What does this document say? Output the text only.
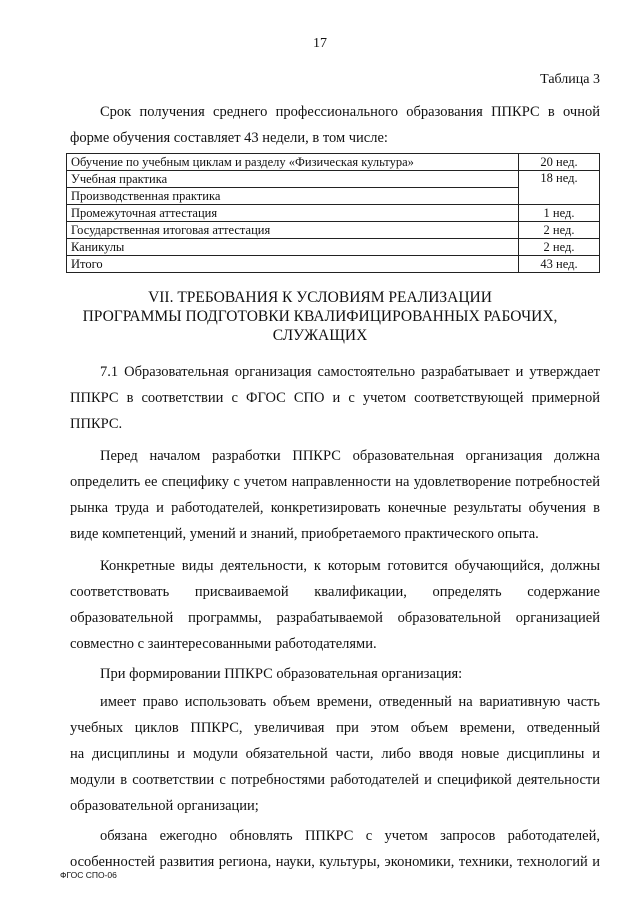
17
Таблица 3
Срок получения среднего профессионального образования ППКРС в очной
форме обучения составляет 43 недели, в том числе:
Обучение по учебным циклам и разделу «Физическая культура»	20 нед.
Учебная практика	18 нед.
Производственная практика	
Промежуточная аттестация	1 нед.
Государственная итоговая аттестация	2 нед.
Каникулы	2 нед.
Итого	43 нед.
VII. ТРЕБОВАНИЯ К УСЛОВИЯМ РЕАЛИЗАЦИИ
ПРОГРАММЫ ПОДГОТОВКИ КВАЛИФИЦИРОВАННЫХ РАБОЧИХ,
СЛУЖАЩИХ
7.1 Образовательная организация самостоятельно разрабатывает и утверждает
ППКРС в соответствии с ФГОС СПО и с учетом соответствующей примерной
ППКРС.
Перед началом разработки ППКРС образовательная организация должна
определить ее специфику с учетом направленности на удовлетворение потребностей
рынка труда и работодателей, конкретизировать конечные результаты обучения в
виде компетенций, умений и знаний, приобретаемого практического опыта.
Конкретные виды деятельности, к которым готовится обучающийся, должны
соответствовать присваиваемой квалификации, определять содержание
образовательной программы, разрабатываемой образовательной организацией
совместно с заинтересованными работодателями.
При формировании ППКРС образовательная организация:
имеет право использовать объем времени, отведенный на вариативную часть
учебных циклов ППКРС, увеличивая при этом объем времени, отведенный
на дисциплины и модули обязательной части, либо вводя новые дисциплины и
модули в соответствии с потребностями работодателей и спецификой деятельности
образовательной организации;
обязана ежегодно обновлять ППКРС с учетом запросов работодателей,
особенностей развития региона, науки, культуры, экономики, техники, технологий и
ФГОС СПО-06
